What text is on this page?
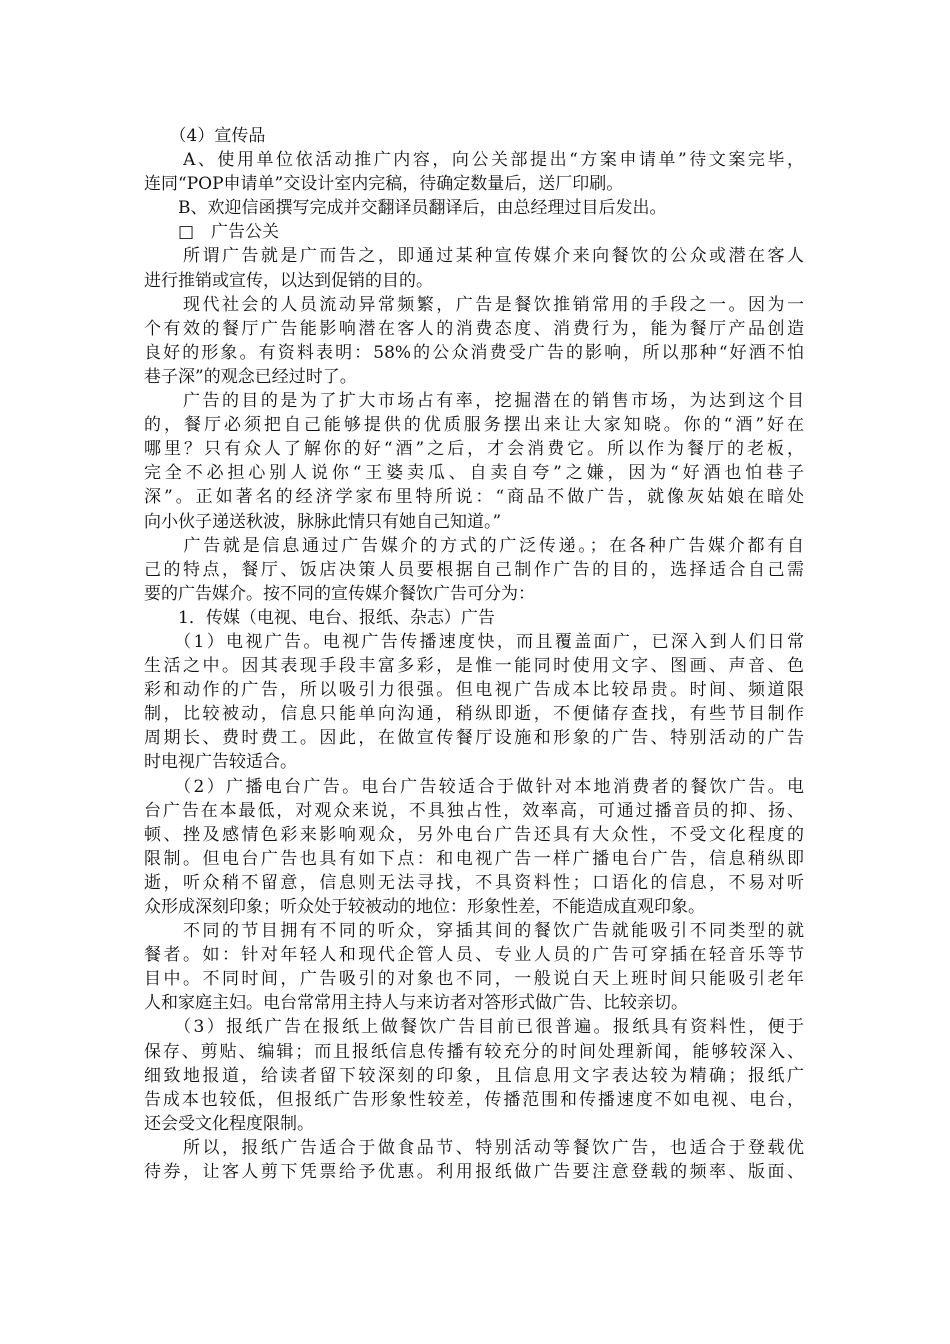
　　（4）宣传品
　　A、使用单位依活动推广内容，向公关部提出“方案申请单”待文案完毕，
连同“POP申请单”交设计室内完稿，待确定数量后，送厂印刷。
　　B、欢迎信函撰写完成并交翻译员翻译后，由总经理过目后发出。
　　□　广告公关
　　所谓广告就是广而告之，即通过某种宣传媒介来向餐饮的公众或潜在客人
进行推销或宣传，以达到促销的目的。
　　现代社会的人员流动异常频繁，广告是餐饮推销常用的手段之一。因为一
个有效的餐厅广告能影响潜在客人的消费态度、消费行为，能为餐厅产品创造
良好的形象。有资料表明：58%的公众消费受广告的影响，所以那种“好酒不怕
巷子深”的观念已经过时了。
　　广告的目的是为了扩大市场占有率，挖掘潜在的销售市场，为达到这个目
的，餐厅必须把自己能够提供的优质服务摆出来让大家知晓。你的“酒”好在
哪里？只有众人了解你的好“酒”之后，才会消费它。所以作为餐厅的老板，
完全不必担心别人说你“王婆卖瓜、自卖自夸”之嫌，因为“好酒也怕巷子
深”。正如著名的经济学家布里特所说：“商品不做广告，就像灰姑娘在暗处
向小伙子递送秋波，脉脉此情只有她自己知道。”
　　广告就是信息通过广告媒介的方式的广泛传递。；在各种广告媒介都有自
己的特点，餐厅、饭店决策人员要根据自己制作广告的目的，选择适合自己需
要的广告媒介。按不同的宣传媒介餐饮广告可分为：
　　1．传媒（电视、电台、报纸、杂志）广告
　　（1）电视广告。电视广告传播速度快，而且覆盖面广，已深入到人们日常
生活之中。因其表现手段丰富多彩，是惟一能同时使用文字、图画、声音、色
彩和动作的广告，所以吸引力很强。但电视广告成本比较昂贵。时间、频道限
制，比较被动，信息只能单向沟通，稍纵即逝，不便储存查找，有些节目制作
周期长、费时费工。因此，在做宣传餐厅设施和形象的广告、特别活动的广告
时电视广告较适合。
　　（2）广播电台广告。电台广告较适合于做针对本地消费者的餐饮广告。电
台广告在本最低，对观众来说，不具独占性，效率高，可通过播音员的抑、扬、
顿、挫及感情色彩来影响观众，另外电台广告还具有大众性，不受文化程度的
限制。但电台广告也具有如下点：和电视广告一样广播电台广告，信息稍纵即
逝，听众稍不留意，信息则无法寻找，不具资料性；口语化的信息，不易对听
众形成深刻印象；听众处于较被动的地位：形象性差，不能造成直观印象。
　　不同的节目拥有不同的听众，穿插其间的餐饮广告就能吸引不同类型的就
餐者。如：针对年轻人和现代企管人员、专业人员的广告可穿插在轻音乐等节
目中。不同时间，广告吸引的对象也不同，一般说白天上班时间只能吸引老年
人和家庭主妇。电台常常用主持人与来访者对答形式做广告、比较亲切。
　　（3）报纸广告在报纸上做餐饮广告目前已很普遍。报纸具有资料性，便于
保存、剪贴、编辑；而且报纸信息传播有较充分的时间处理新闻，能够较深入、
细致地报道，给读者留下较深刻的印象，且信息用文字表达较为精确；报纸广
告成本也较低，但报纸广告形象性较差，传播范围和传播速度不如电视、电台，
还会受文化程度限制。
　　所以，报纸广告适合于做食品节、特别活动等餐饮广告，也适合于登载优
待券，让客人剪下凭票给予优惠。利用报纸做广告要注意登载的频率、版面、
